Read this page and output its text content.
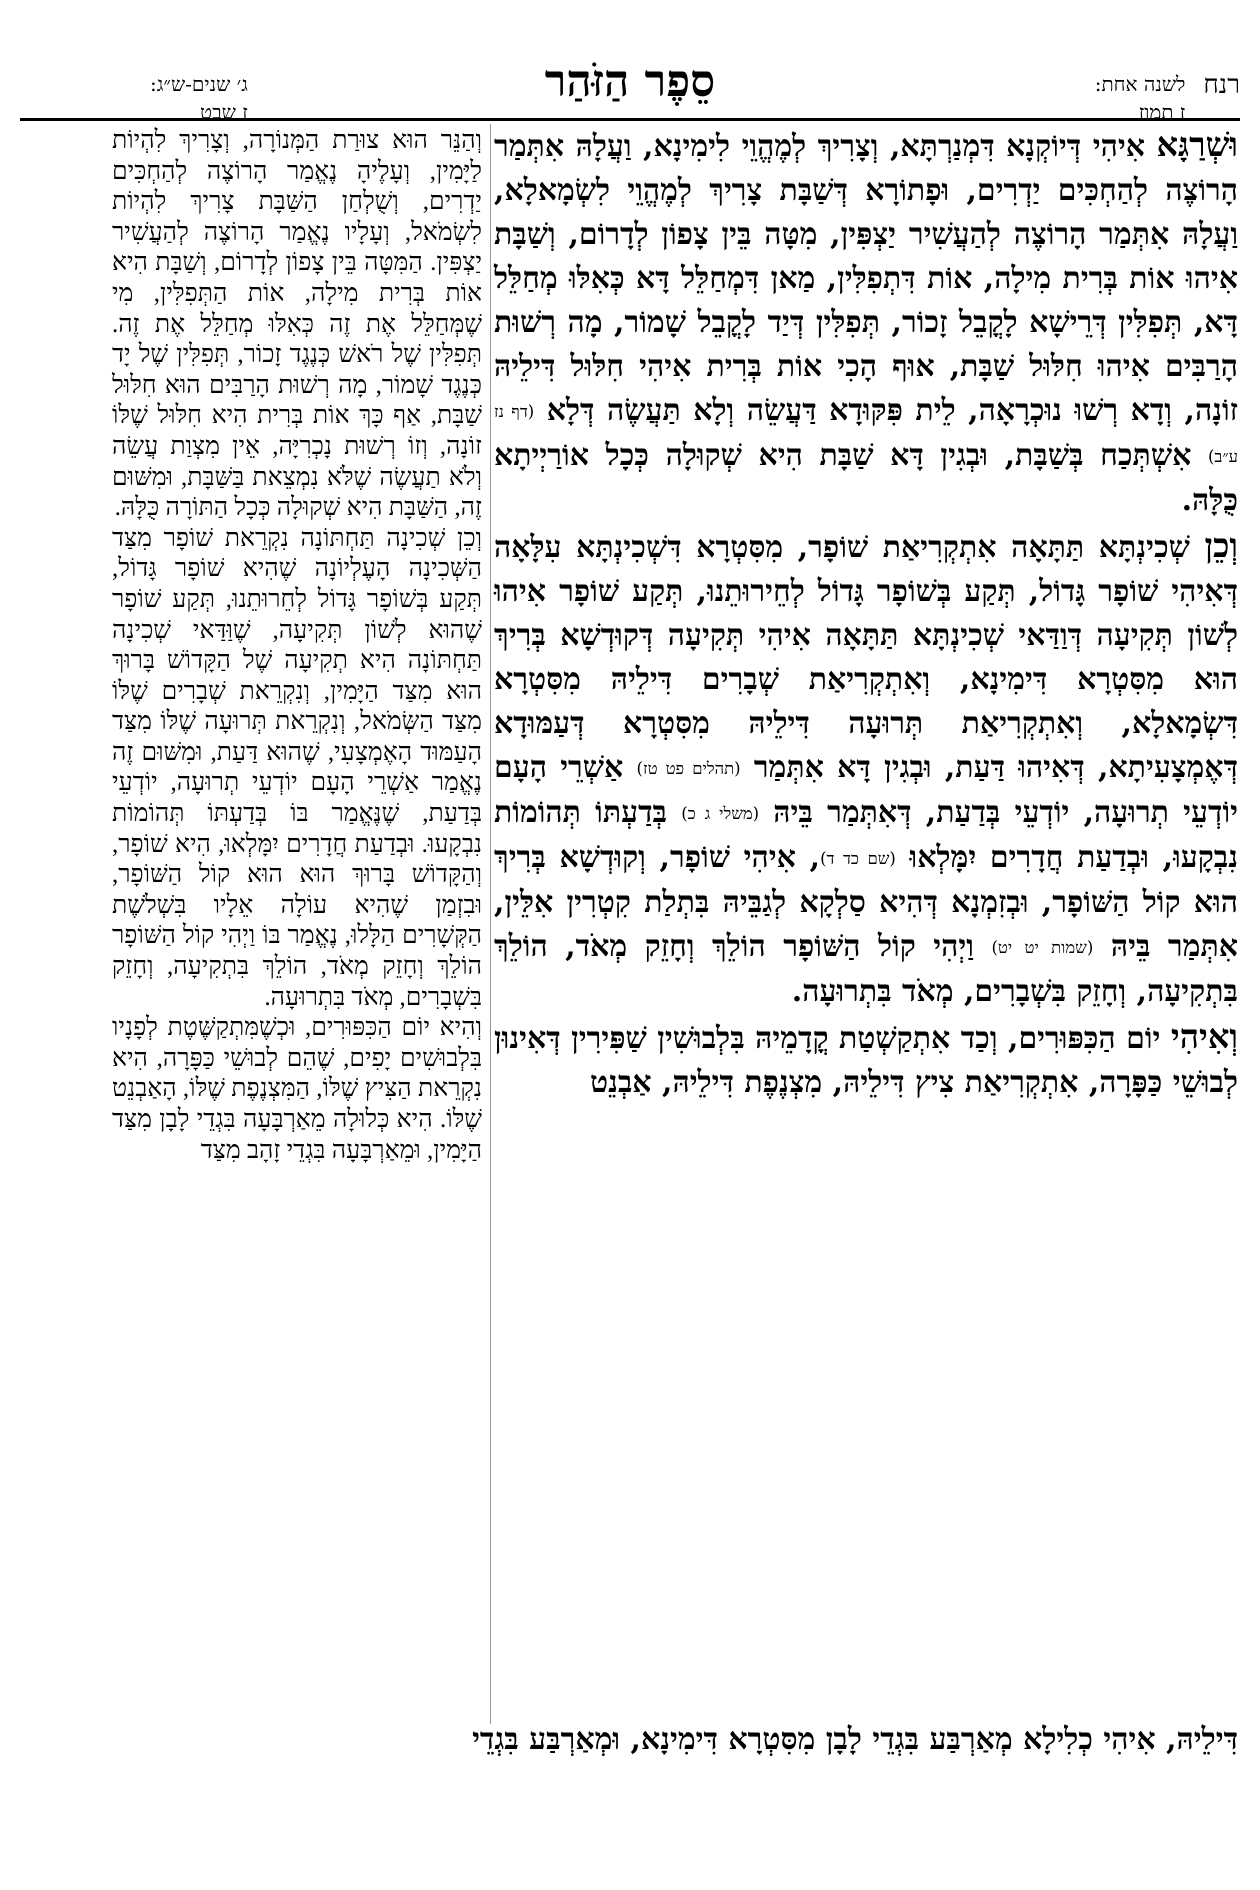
רנח
לשנה אחת:
ז תמוז
סֵפֶר הַזֹּהַר
ג׳ שנים-ש״ג:
ז שבט

וּשְׁרַגָּא אִיהִי דְּיוֹקְנָא דִּמְנַרְתָּא, וְצָרִיךְ לְמֶהֱוֵי לִימִינָא, וַעֲלָהּ אִתְּמַר הָרוֹצֶה לְהַחְכִּים יַדְרִים, וּפָתוֹרָא דְּשַׁבָּת צָרִיךְ לְמֶהֱוֵי לִשְׂמָאלָא, וַעֲלָהּ אִתְּמַר הָרוֹצֶה לְהַעֲשִׁיר יַצְפִּין, מִטָּה בֵּין צָפוֹן לְדָרוֹם, וְשַׁבָּת אִיהוּ אוֹת בְּרִית מִילָה, אוֹת דִּתְפִלִּין, מַאן דִּמְחַלֵּל דָּא כְּאִלּוּ מְחַלֵּל דָּא, תְּפִלִּין דְּרֵישָׁא לָקֳבֵל זָכוֹר, תְּפִלִּין דְּיַד לָקֳבֵל שָׁמוֹר, מָה רְשׁוּת הָרַבִּים אִיהוּ חִלּוּל שַׁבָּת, אוּף הָכִי אוֹת בְּרִית אִיהִי חִלּוּל דִּילֵיהּ זוֹנָה, וְדָא רְשׁוּ נוּכְרָאָה, לֵית פִּקּוּדָא דַּעֲשֵׂה וְלָא תַּעֲשֶׂה דְּלָא (דף נז ע״ב) אִשְׁתְּכַח בְּשַׁבָּת, וּבְגִין דָּא שַׁבָּת הִיא שְׁקוּלָה כְּכָל אוֹרַיְיתָא כֻּלָּהּ.

וְכֵן שְׁכִינְתָּא תַּתָּאָה אִתְקְרִיאַת שׁוֹפָר, מִסִּטְרָא דִּשְׁכִינְתָּא עִלָּאָה דְּאִיהִי שׁוֹפָר גָּדוֹל, תְּקַע בְּשׁוֹפָר גָּדוֹל לְחֵירוּתֵנוּ, תְּקַע שׁוֹפָר אִיהוּ לְשׁוֹן תְּקִיעָה דְּוַדַּאי שְׁכִינְתָּא תַּתָּאָה אִיהִי תְּקִיעָה דְּקוּדְשָׁא בְּרִיךְ הוּא מִסִּטְרָא דִּימִינָא, וְאִתְקְרִיאַת שְׁבָרִים דִּילֵיהּ מִסִּטְרָא דִּשְׂמָאלָא, וְאִתְקְרִיאַת תְּרוּעָה דִּילֵיהּ מִסִּטְרָא דְּעַמּוּדָא דְּאֶמְצָעִיתָא, דְּאִיהוּ דַּעַת, וּבְגִין דָּא אִתְּמַר (תהלים פט טז) אַשְׁרֵי הָעָם יוֹדְעֵי תְרוּעָה, יוֹדְעֵי בְּדַעַת, דְּאִתְּמַר בֵּיהּ (משלי ג כ) בְּדַעְתּוֹ תְּהוֹמוֹת נִבְקָעוּ, וּבְדַעַת חֲדָרִים יִמָּלְאוּ (שם כד ד), אִיהִי שׁוֹפָר, וְקוּדְשָׁא בְּרִיךְ הוּא קוֹל הַשּׁוֹפָר, וּבְזִמְנָא דְּהִיא סַלְקָא לְגַבֵּיהּ בִּתְלַת קִטְרִין אִלֵּין, אִתְּמַר בֵּיהּ (שמות יט יט) וַיְהִי קוֹל הַשּׁוֹפָר הוֹלֵךְ וְחָזֵק מְאֹד, הוֹלֵךְ בִּתְקִיעָה, וְחָזֵק בִּשְׁבָרִים, מְאֹד בִּתְרוּעָה.

וְאִיהִי יוֹם הַכִּפּוּרִים, וְכַד אִתְקַשְׁטַת קֳדָמֵיהּ בִּלְבוּשִׁין שַׁפִּירִין דְּאִינוּן לְבוּשֵׁי כַּפָּרָה, אִתְקְרִיאַת צִיץ דִּילֵיהּ, מִצְנֶפֶת דִּילֵיהּ, אַבְנֵט

וְהַנֵּר הוּא צוּרַת הַמְּנוֹרָה, וְצָרִיךְ לִהְיוֹת לַיָּמִין, וְעָלֶיהָ נֶאֱמַר הָרוֹצֶה לְהַחְכִּים יַדְרִים, וְשֻׁלְחַן הַשַּׁבָּת צָרִיךְ לִהְיוֹת לִשְׂמֹאל, וְעָלָיו נֶאֱמַר הָרוֹצֶה לְהַעֲשִׁיר יַצְפִּין. הַמִּטָּה בֵּין צָפוֹן לְדָרוֹם, וְשַׁבָּת הִיא אוֹת בְּרִית מִילָה, אוֹת הַתְּפִלִּין, מִי שֶׁמְּחַלֵּל אֶת זֶה כְּאִלּוּ מְחַלֵּל אֶת זֶה. תְּפִלִּין שֶׁל רֹאשׁ כְּנֶגֶד זָכוֹר, תְּפִלִּין שֶׁל יָד כְּנֶגֶד שָׁמוֹר, מָה רְשׁוּת הָרַבִּים הוּא חִלּוּל שַׁבָּת, אַף כָּךְ אוֹת בְּרִית הִיא חִלּוּל שֶׁלּוֹ זוֹנָה, וְזוֹ רְשׁוּת נָכְרִיָּה, אֵין מִצְוַת עֲשֵׂה וְלֹא תַעֲשֶׂה שֶׁלֹּא נִמְצֵאת בַּשַּׁבָּת, וּמִשּׁוּם זֶה, הַשַּׁבָּת הִיא שְׁקוּלָה כְּכָל הַתּוֹרָה כֻּלָּהּ.

וְכֵן שְׁכִינָה תַּחְתּוֹנָה נִקְרֵאת שׁוֹפָר מִצַּד הַשְּׁכִינָה הָעֶלְיוֹנָה שֶׁהִיא שׁוֹפָר גָּדוֹל, תְּקַע בְּשׁוֹפָר גָּדוֹל לְחֵרוּתֵנוּ, תְּקַע שׁוֹפָר שֶׁהוּא לְשׁוֹן תְּקִיעָה, שֶׁוַּדַּאי שְׁכִינָה תַּחְתּוֹנָה הִיא תְקִיעָה שֶׁל הַקָּדוֹשׁ בָּרוּךְ הוּא מִצַּד הַיָּמִין, וְנִקְרֵאת שְׁבָרִים שֶׁלּוֹ מִצַּד הַשְּׂמֹאל, וְנִקְרֵאת תְּרוּעָה שֶׁלּוֹ מִצַּד הָעַמּוּד הָאֶמְצָעִי, שֶׁהוּא דַּעַת, וּמִשּׁוּם זֶה נֶאֱמַר אַשְׁרֵי הָעָם יוֹדְעֵי תְרוּעָה, יוֹדְעֵי בְּדַעַת, שֶׁנֶּאֱמַר בּוֹ בְּדַעְתּוֹ תְּהוֹמוֹת נִבְקָעוּ. וּבְדַעַת חֲדָרִים יִמָּלְאוּ, הִיא שׁוֹפָר, וְהַקָּדוֹשׁ בָּרוּךְ הוּא הוּא קוֹל הַשּׁוֹפָר, וּבִזְמַן שֶׁהִיא עוֹלָה אֵלָיו בִּשְׁלֹשֶׁת הַקְּשָׁרִים הַלָּלוּ, נֶאֱמַר בּוֹ וַיְהִי קוֹל הַשּׁוֹפָר הוֹלֵךְ וְחָזֵק מְאֹד, הוֹלֵךְ בִּתְקִיעָה, וְחָזֵק בִּשְׁבָרִים, מְאֹד בִּתְרוּעָה.

וְהִיא יוֹם הַכִּפּוּרִים, וּכְשֶׁמִּתְקַשֶּׁטֶת לְפָנָיו בִּלְבוּשִׁים יָפִים, שֶׁהֵם לְבוּשֵׁי כַּפָּרָה, הִיא נִקְרֵאת הַצִּיץ שֶׁלּוֹ, הַמִּצְנֶפֶת שֶׁלּוֹ, הָאַבְנֵט שֶׁלּוֹ. הִיא כְּלוּלָה מֵאַרְבָּעָה בִּגְדֵי לָבָן מִצַּד הַיָּמִין, וּמֵאַרְבָּעָה בִּגְדֵי זָהָב מִצַּד

דִּילֵיהּ, אִיהִי כְלִילָא מְאַרְבַּע בִּגְדֵי לָבָן מִסִּטְרָא דִּימִינָא, וּמְאַרְבַּע בִּגְדֵי
